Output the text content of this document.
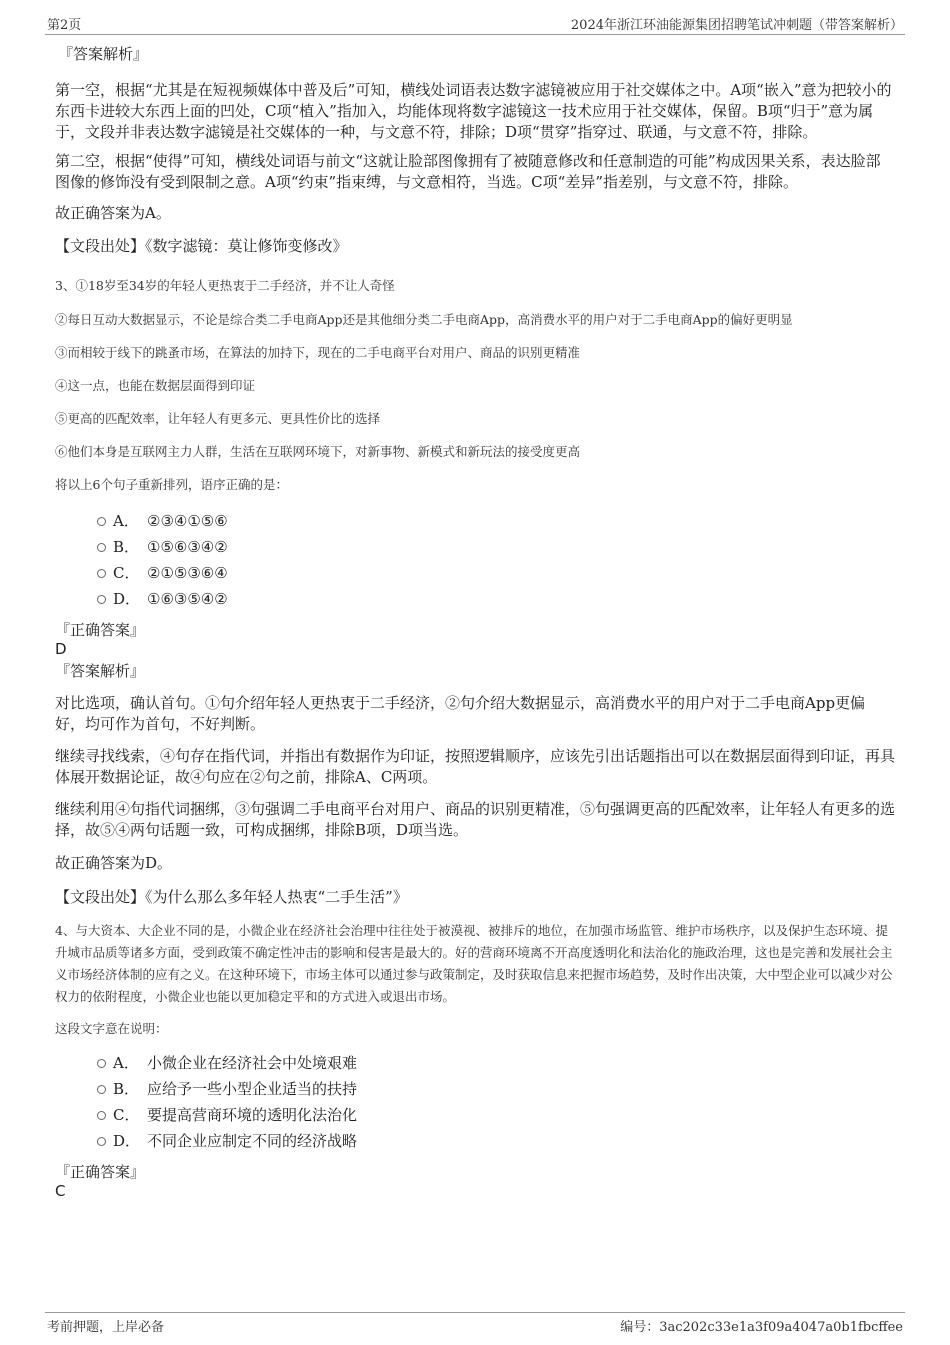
第2页	2024年浙江环油能源集团招聘笔试冲刺题（带答案解析）

『答案解析』

第一空，根据“尤其是在短视频媒体中普及后”可知，横线处词语表达数字滤镜被应用于社交媒体之中。A项“嵌入”意为把较小的东西卡进较大东西上面的凹处，C项“植入”指加入，均能体现将数字滤镜这一技术应用于社交媒体，保留。B项“归于”意为属于，文段并非表达数字滤镜是社交媒体的一种，与文意不符，排除；D项“贯穿”指穿过、联通，与文意不符，排除。

第二空，根据“使得”可知，横线处词语与前文“这就让脸部图像拥有了被随意修改和任意制造的可能”构成因果关系，表达脸部图像的修饰没有受到限制之意。A项“约束”指束缚，与文意相符，当选。C项“差异”指差别，与文意不符，排除。

故正确答案为A。

【文段出处】《数字滤镜：莫让修饰变修改》

3、①18岁至34岁的年轻人更热衷于二手经济，并不让人奇怪

②每日互动大数据显示，不论是综合类二手电商App还是其他细分类二手电商App，高消费水平的用户对于二手电商App的偏好更明显

③而相较于线下的跳蚤市场，在算法的加持下，现在的二手电商平台对用户、商品的识别更精准

④这一点，也能在数据层面得到印证

⑤更高的匹配效率，让年轻人有更多元、更具性价比的选择

⑥他们本身是互联网主力人群，生活在互联网环境下，对新事物、新模式和新玩法的接受度更高

将以上6个句子重新排列，语序正确的是：

A． ②③④①⑤⑥
B． ①⑤⑥③④②
C． ②①⑤③⑥④
D． ①⑥③⑤④②

『正确答案』

D

『答案解析』

对比选项，确认首句。①句介绍年轻人更热衷于二手经济，②句介绍大数据显示，高消费水平的用户对于二手电商App更偏好，均可作为首句，不好判断。

继续寻找线索，④句存在指代词，并指出有数据作为印证，按照逻辑顺序，应该先引出话题指出可以在数据层面得到印证，再具体展开数据论证，故④句应在②句之前，排除A、C两项。

继续利用④句指代词捆绑，③句强调二手电商平台对用户、商品的识别更精准，⑤句强调更高的匹配效率，让年轻人有更多的选择，故⑤④两句话题一致，可构成捆绑，排除B项，D项当选。

故正确答案为D。

【文段出处】《为什么那么多年轻人热衷“二手生活”》

4、与大资本、大企业不同的是，小微企业在经济社会治理中往往处于被漠视、被排斥的地位，在加强市场监管、维护市场秩序，以及保护生态环境、提升城市品质等诸多方面，受到政策不确定性冲击的影响和侵害是最大的。好的营商环境离不开高度透明化和法治化的施政治理，这也是完善和发展社会主义市场经济体制的应有之义。在这种环境下，市场主体可以通过参与政策制定，及时获取信息来把握市场趋势，及时作出决策，大中型企业可以减少对公权力的依附程度，小微企业也能以更加稳定平和的方式进入或退出市场。

这段文字意在说明：

A． 小微企业在经济社会中处境艰难
B． 应给予一些小型企业适当的扶持
C． 要提高营商环境的透明化法治化
D． 不同企业应制定不同的经济战略

『正确答案』

C

考前押题，上岸必备	编号：3ac202c33e1a3f09a4047a0b1fbcffee
